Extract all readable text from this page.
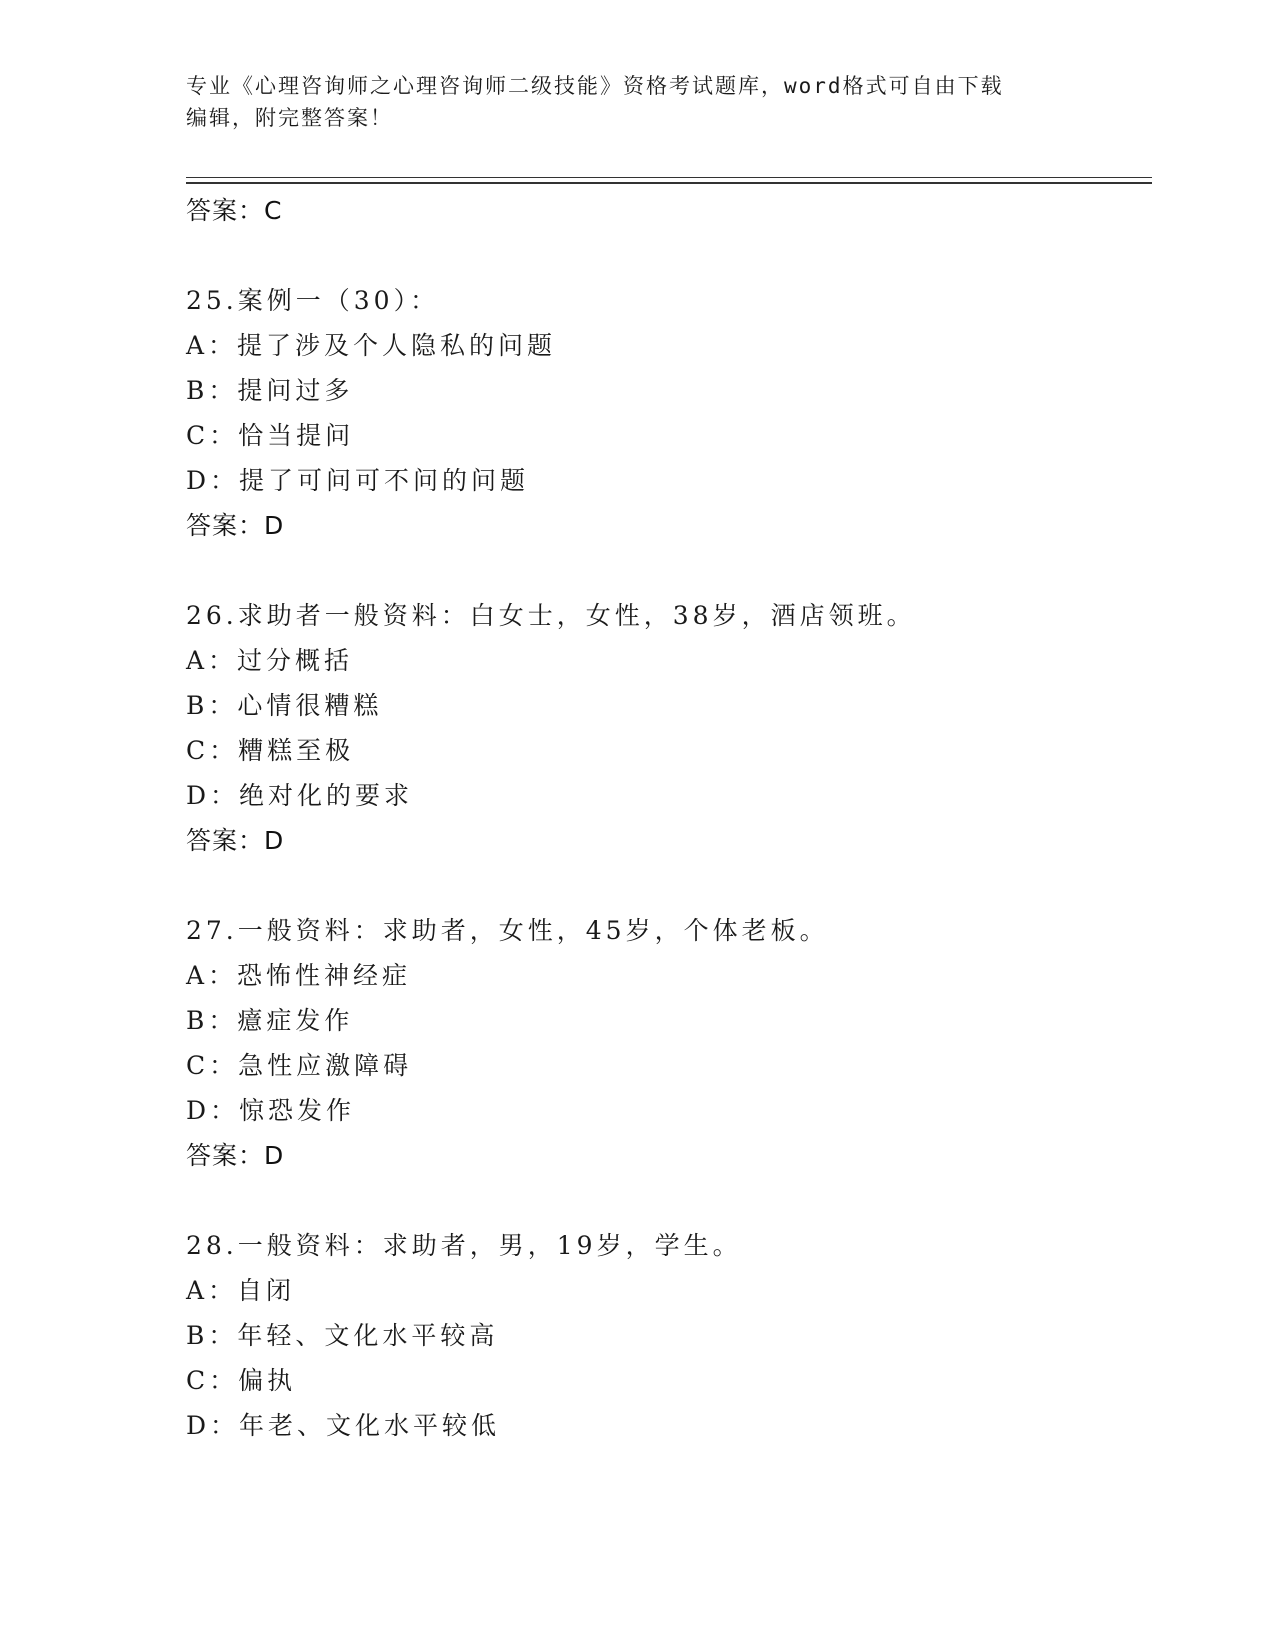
专业《心理咨询师之心理咨询师二级技能》资格考试题库，word格式可自由下载
编辑，附完整答案！
答案：C
25.案例一（30）：
A：提了涉及个人隐私的问题
B：提问过多
C：恰当提问
D：提了可问可不问的问题
答案：D
26.求助者一般资料：白女士，女性，38岁，酒店领班。
A：过分概括
B：心情很糟糕
C：糟糕至极
D：绝对化的要求
答案：D
27.一般资料：求助者，女性，45岁，个体老板。
A：恐怖性神经症
B：癔症发作
C：急性应激障碍
D：惊恐发作
答案：D
28.一般资料：求助者，男，19岁，学生。
A：自闭
B：年轻、文化水平较高
C：偏执
D：年老、文化水平较低
